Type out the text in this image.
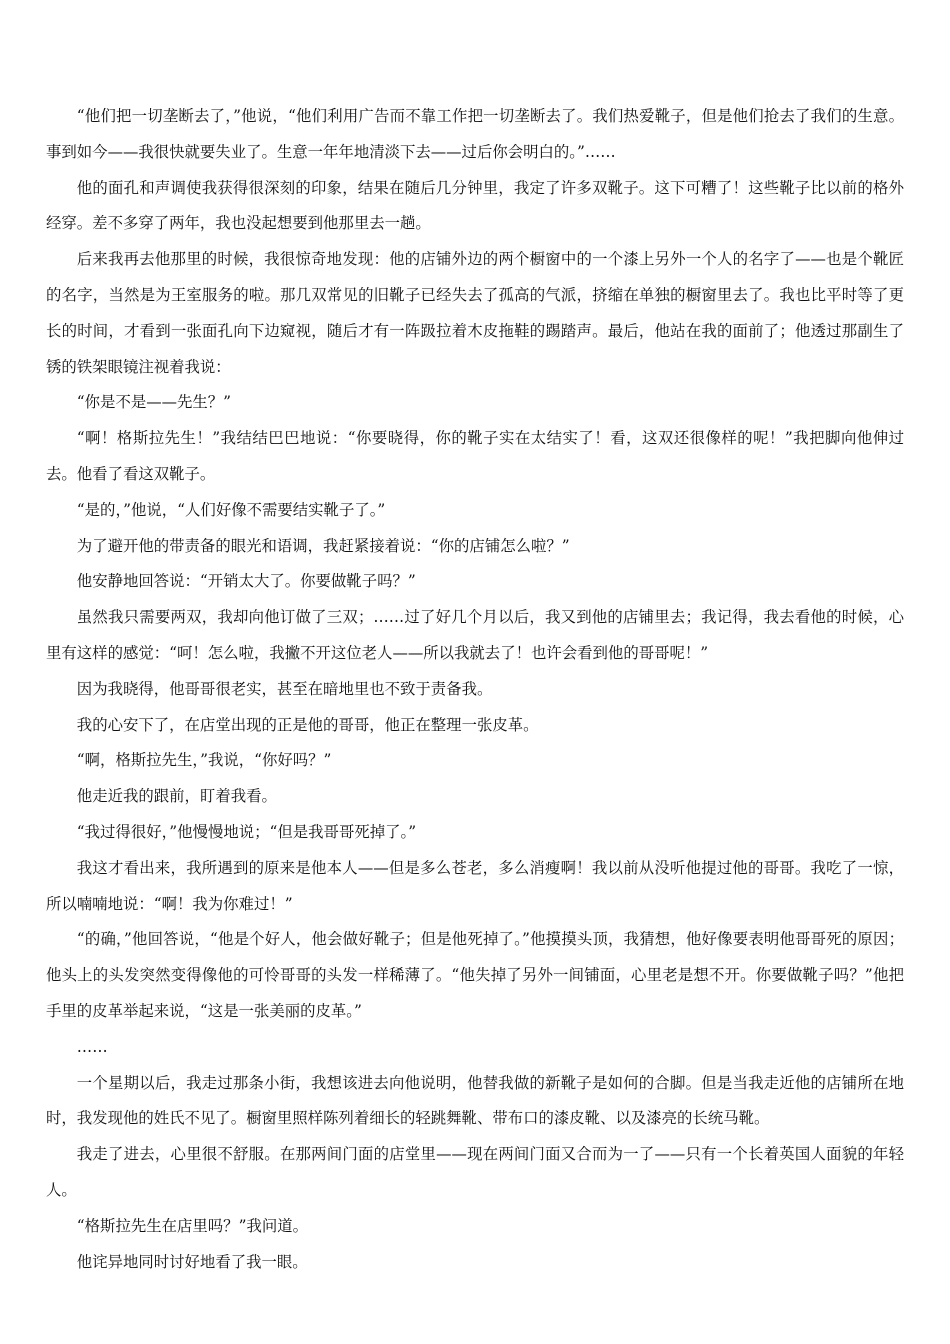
“他们把一切垄断去了，”他说，“他们利用广告而不靠工作把一切垄断去了。我们热爱靴子，但是他们抢去了我们的生意。事到如今——我很快就要失业了。生意一年年地清淡下去——过后你会明白的。”……

他的面孔和声调使我获得很深刻的印象，结果在随后几分钟里，我定了许多双靴子。这下可糟了！这些靴子比以前的格外经穿。差不多穿了两年，我也没起想要到他那里去一趟。

后来我再去他那里的时候，我很惊奇地发现：他的店铺外边的两个橱窗中的一个漆上另外一个人的名字了——也是个靴匠的名字，当然是为王室服务的啦。那几双常见的旧靴子已经失去了孤高的气派，挤缩在单独的橱窗里去了。我也比平时等了更长的时间，才看到一张面孔向下边窥视，随后才有一阵趿拉着木皮拖鞋的踢踏声。最后，他站在我的面前了；他透过那副生了锈的铁架眼镜注视着我说：

“你是不是——先生？”

“啊！格斯拉先生！”我结结巴巴地说：“你要晓得，你的靴子实在太结实了！看，这双还很像样的呢！”我把脚向他伸过去。他看了看这双靴子。

“是的，”他说，“人们好像不需要结实靴子了。”

为了避开他的带责备的眼光和语调，我赶紧接着说：“你的店铺怎么啦？”

他安静地回答说：“开销太大了。你要做靴子吗？”

虽然我只需要两双，我却向他订做了三双；……过了好几个月以后，我又到他的店铺里去；我记得，我去看他的时候，心里有这样的感觉：“呵！怎么啦，我撇不开这位老人——所以我就去了！也许会看到他的哥哥呢！”

因为我晓得，他哥哥很老实，甚至在暗地里也不致于责备我。

我的心安下了，在店堂出现的正是他的哥哥，他正在整理一张皮革。

“啊，格斯拉先生，”我说，“你好吗？”

他走近我的跟前，盯着我看。

“我过得很好，”他慢慢地说；“但是我哥哥死掉了。”

我这才看出来，我所遇到的原来是他本人——但是多么苍老，多么消瘦啊！我以前从没听他提过他的哥哥。我吃了一惊，所以喃喃地说：“啊！我为你难过！”

“的确，”他回答说，“他是个好人，他会做好靴子；但是他死掉了。”他摸摸头顶，我猜想，他好像要表明他哥哥死的原因；他头上的头发突然变得像他的可怜哥哥的头发一样稀薄了。“他失掉了另外一间铺面，心里老是想不开。你要做靴子吗？”他把手里的皮革举起来说，“这是一张美丽的皮革。”

……

一个星期以后，我走过那条小街，我想该进去向他说明，他替我做的新靴子是如何的合脚。但是当我走近他的店铺所在地时，我发现他的姓氏不见了。橱窗里照样陈列着细长的轻跳舞靴、带布口的漆皮靴、以及漆亮的长统马靴。

我走了进去，心里很不舒服。在那两间门面的店堂里——现在两间门面又合而为一了——只有一个长着英国人面貌的年轻人。

“格斯拉先生在店里吗？”我问道。

他诧异地同时讨好地看了我一眼。
